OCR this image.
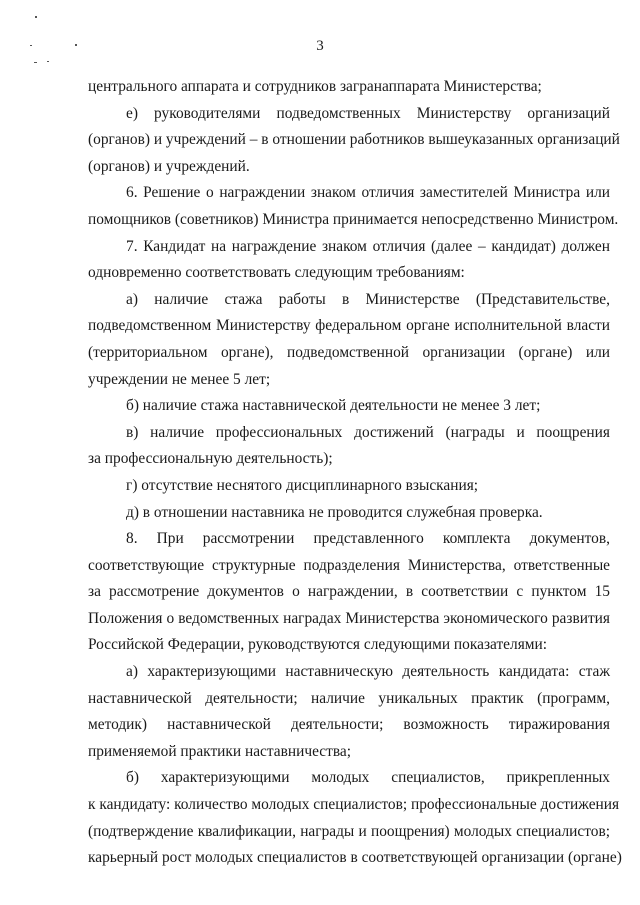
3
центрального аппарата и сотрудников загранаппарата Министерства;
е) руководителями подведомственных Министерству организаций
(органов) и учреждений – в отношении работников вышеуказанных организаций
(органов) и учреждений.
6. Решение о награждении знаком отличия заместителей Министра или
помощников (советников) Министра принимается непосредственно Министром.
7. Кандидат на награждение знаком отличия (далее – кандидат) должен
одновременно соответствовать следующим требованиям:
а) наличие стажа работы в Министерстве (Представительстве,
подведомственном Министерству федеральном органе исполнительной власти
(территориальном органе), подведомственной организации (органе) или
учреждении не менее 5 лет;
б) наличие стажа наставнической деятельности не менее 3 лет;
в) наличие профессиональных достижений (награды и поощрения
за профессиональную деятельность);
г) отсутствие неснятого дисциплинарного взыскания;
д) в отношении наставника не проводится служебная проверка.
8. При рассмотрении представленного комплекта документов,
соответствующие структурные подразделения Министерства, ответственные
за рассмотрение документов о награждении, в соответствии с пунктом 15
Положения о ведомственных наградах Министерства экономического развития
Российской Федерации, руководствуются следующими показателями:
а) характеризующими наставническую деятельность кандидата: стаж
наставнической деятельности; наличие уникальных практик (программ,
методик) наставнической деятельности; возможность тиражирования
применяемой практики наставничества;
б) характеризующими молодых специалистов, прикрепленных
к кандидату: количество молодых специалистов; профессиональные достижения
(подтверждение квалификации, награды и поощрения) молодых специалистов;
карьерный рост молодых специалистов в соответствующей организации (органе)
